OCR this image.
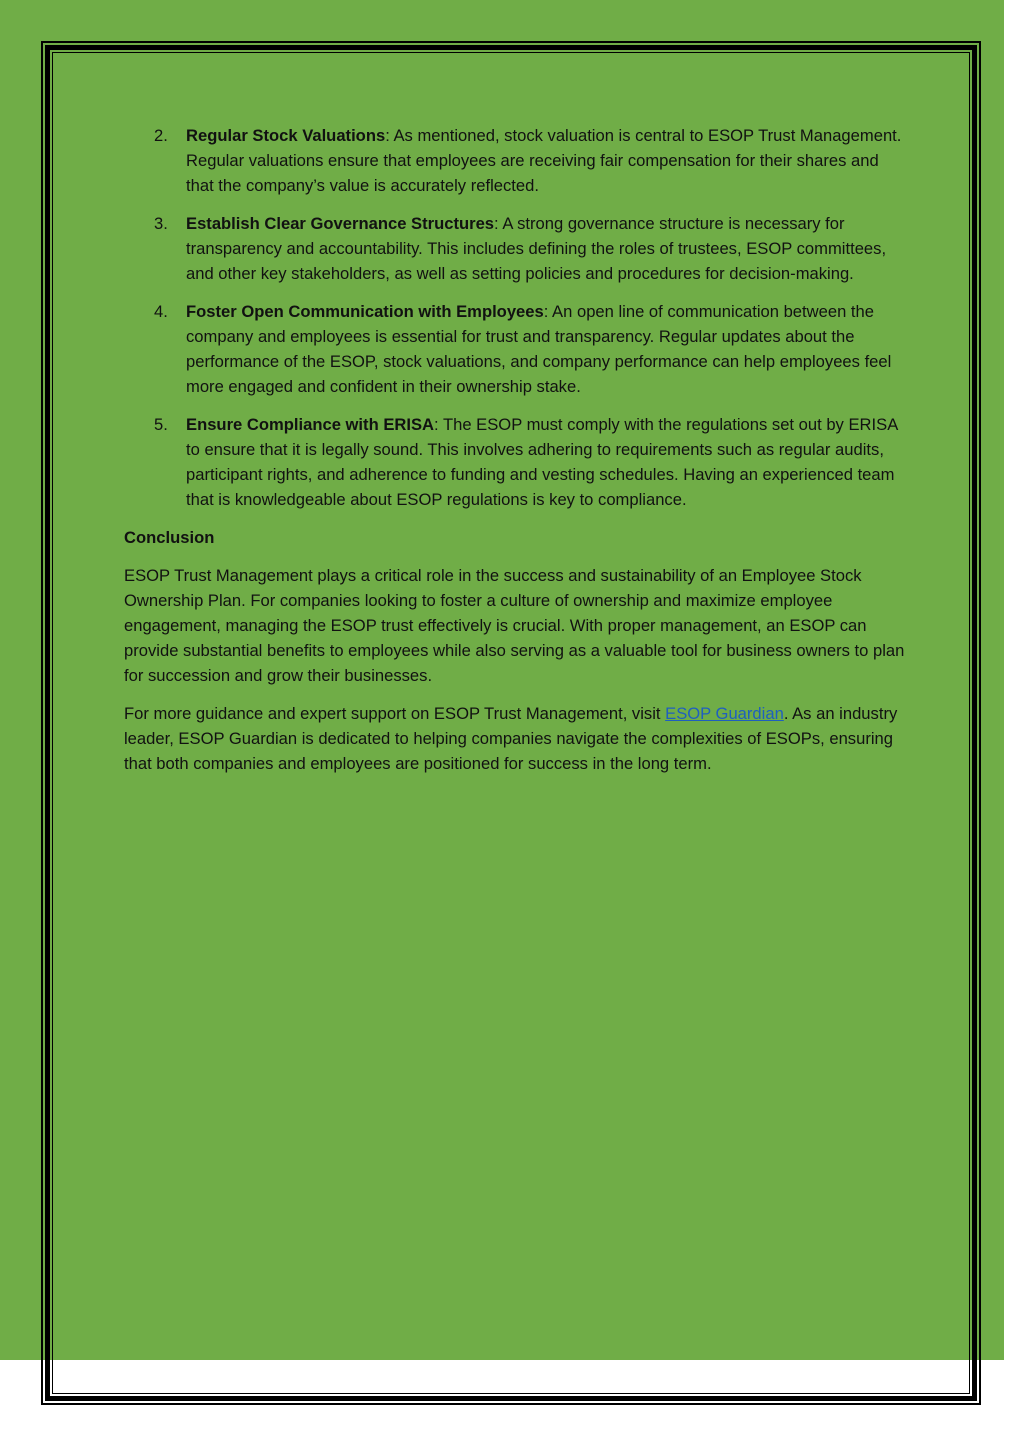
2. Regular Stock Valuations: As mentioned, stock valuation is central to ESOP Trust Management. Regular valuations ensure that employees are receiving fair compensation for their shares and that the company’s value is accurately reflected.
3. Establish Clear Governance Structures: A strong governance structure is necessary for transparency and accountability. This includes defining the roles of trustees, ESOP committees, and other key stakeholders, as well as setting policies and procedures for decision-making.
4. Foster Open Communication with Employees: An open line of communication between the company and employees is essential for trust and transparency. Regular updates about the performance of the ESOP, stock valuations, and company performance can help employees feel more engaged and confident in their ownership stake.
5. Ensure Compliance with ERISA: The ESOP must comply with the regulations set out by ERISA to ensure that it is legally sound. This involves adhering to requirements such as regular audits, participant rights, and adherence to funding and vesting schedules. Having an experienced team that is knowledgeable about ESOP regulations is key to compliance.
Conclusion

ESOP Trust Management plays a critical role in the success and sustainability of an Employee Stock Ownership Plan. For companies looking to foster a culture of ownership and maximize employee engagement, managing the ESOP trust effectively is crucial. With proper management, an ESOP can provide substantial benefits to employees while also serving as a valuable tool for business owners to plan for succession and grow their businesses.

For more guidance and expert support on ESOP Trust Management, visit ESOP Guardian. As an industry leader, ESOP Guardian is dedicated to helping companies navigate the complexities of ESOPs, ensuring that both companies and employees are positioned for success in the long term.
